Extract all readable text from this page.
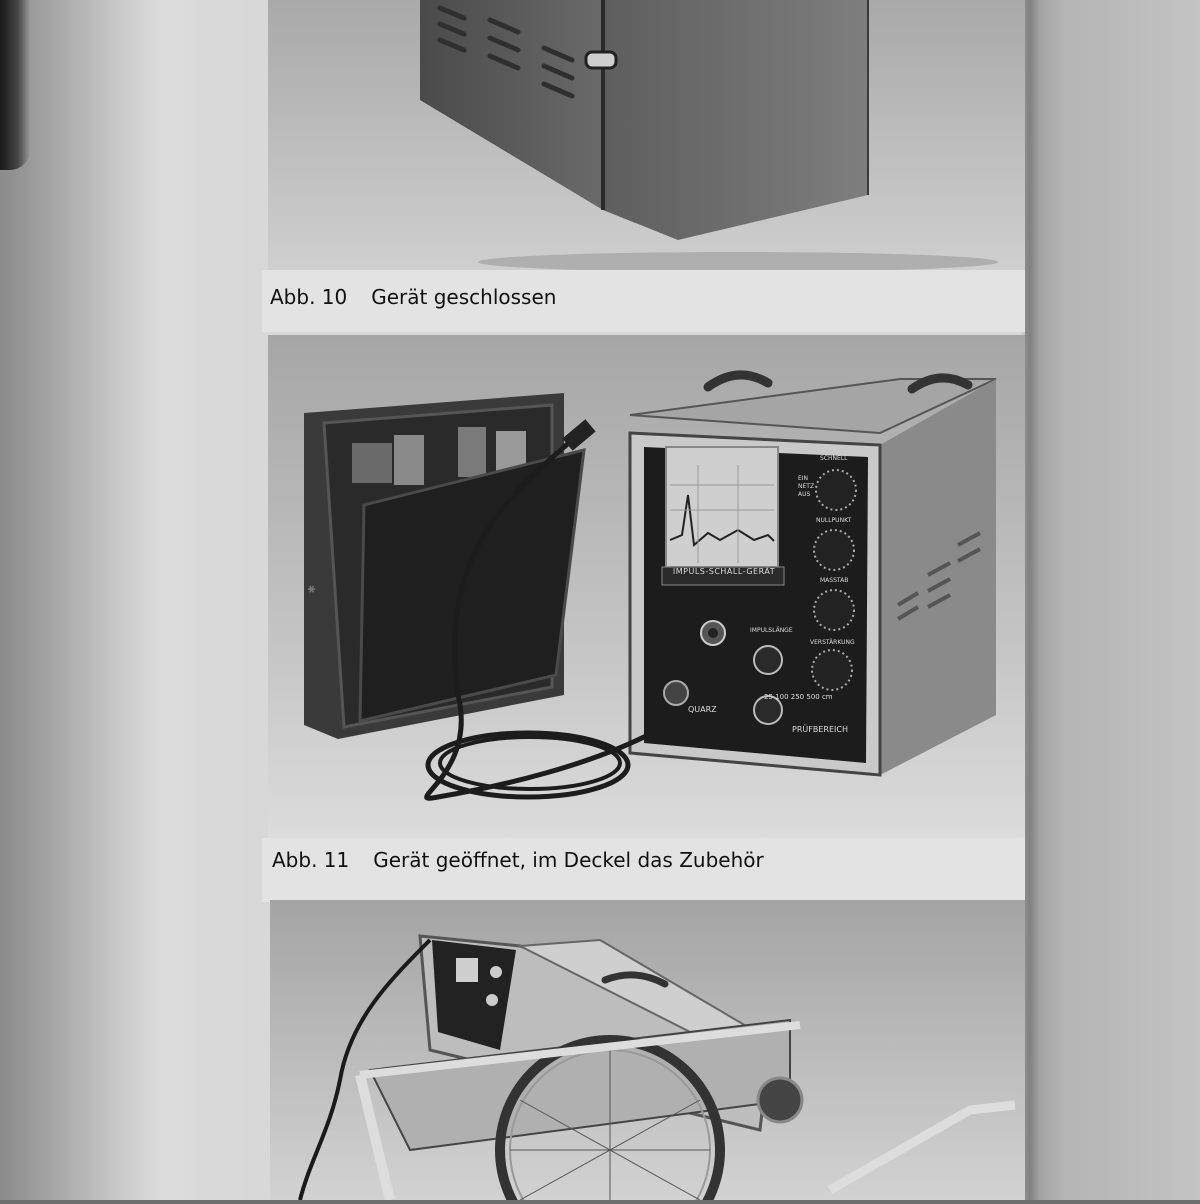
Abb. 10 Gerät geschlossen
✱
IMPULS-SCHALL-GERÄT
SCHNELL
NULLPUNKT
MASSTAB
VERSTÄRKUNG
IMPULSLÄNGE
QUARZ
PRÜFBEREICH
EIN
NETZ
AUS
25 100 250 500 cm
Abb. 11 Gerät geöffnet, im Deckel das Zubehör
